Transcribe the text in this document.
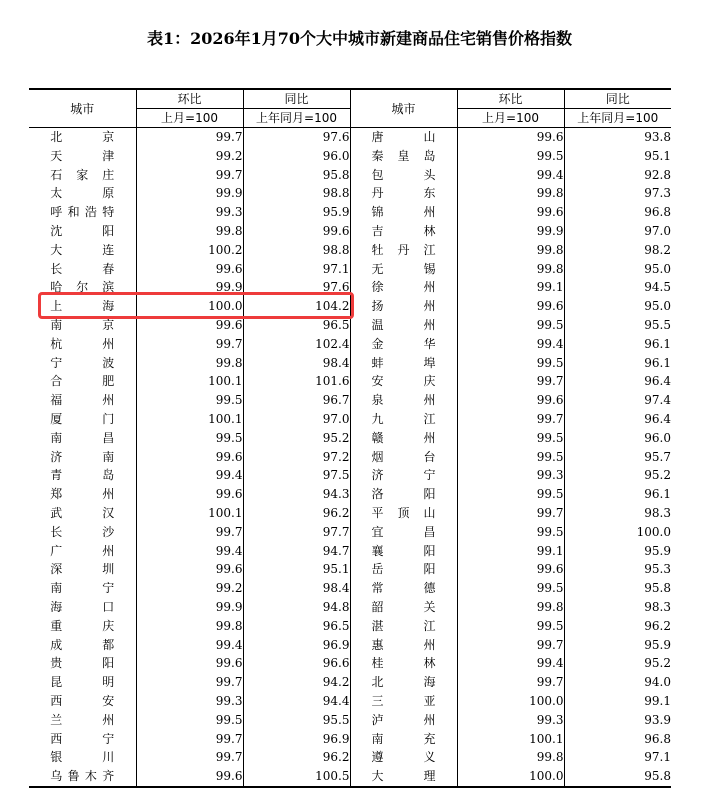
表1：2026年1月70个大中城市新建商品住宅销售价格指数
城市	环比	同比	城市	环比	同比
	上月=100	上年同月=100		上月=100	上年同月=100
北京	99.7	97.6	唐山	99.6	93.8
天津	99.2	96.0	秦皇岛	99.5	95.1
石家庄	99.7	95.8	包头	99.4	92.8
太原	99.9	98.8	丹东	99.8	97.3
呼和浩特	99.3	95.9	锦州	99.6	96.8
沈阳	99.8	99.6	吉林	99.9	97.0
大连	100.2	98.8	牡丹江	99.8	98.2
长春	99.6	97.1	无锡	99.8	95.0
哈尔滨	99.9	97.6	徐州	99.1	94.5
上海	100.0	104.2	扬州	99.6	95.0
南京	99.6	96.5	温州	99.5	95.5
杭州	99.7	102.4	金华	99.4	96.1
宁波	99.8	98.4	蚌埠	99.5	96.1
合肥	100.1	101.6	安庆	99.7	96.4
福州	99.5	96.7	泉州	99.6	97.4
厦门	100.1	97.0	九江	99.7	96.4
南昌	99.5	95.2	赣州	99.5	96.0
济南	99.6	97.2	烟台	99.5	95.7
青岛	99.4	97.5	济宁	99.3	95.2
郑州	99.6	94.3	洛阳	99.5	96.1
武汉	100.1	96.2	平顶山	99.7	98.3
长沙	99.7	97.7	宜昌	99.5	100.0
广州	99.4	94.7	襄阳	99.1	95.9
深圳	99.6	95.1	岳阳	99.6	95.3
南宁	99.2	98.4	常德	99.5	95.8
海口	99.9	94.8	韶关	99.8	98.3
重庆	99.8	96.5	湛江	99.5	96.2
成都	99.4	96.9	惠州	99.7	95.9
贵阳	99.6	96.6	桂林	99.4	95.2
昆明	99.7	94.2	北海	99.7	94.0
西安	99.3	94.4	三亚	100.0	99.1
兰州	99.5	95.5	泸州	99.3	93.9
西宁	99.7	96.9	南充	100.1	96.8
银川	99.7	96.2	遵义	99.8	97.1
乌鲁木齐	99.6	100.5	大理	100.0	95.8
